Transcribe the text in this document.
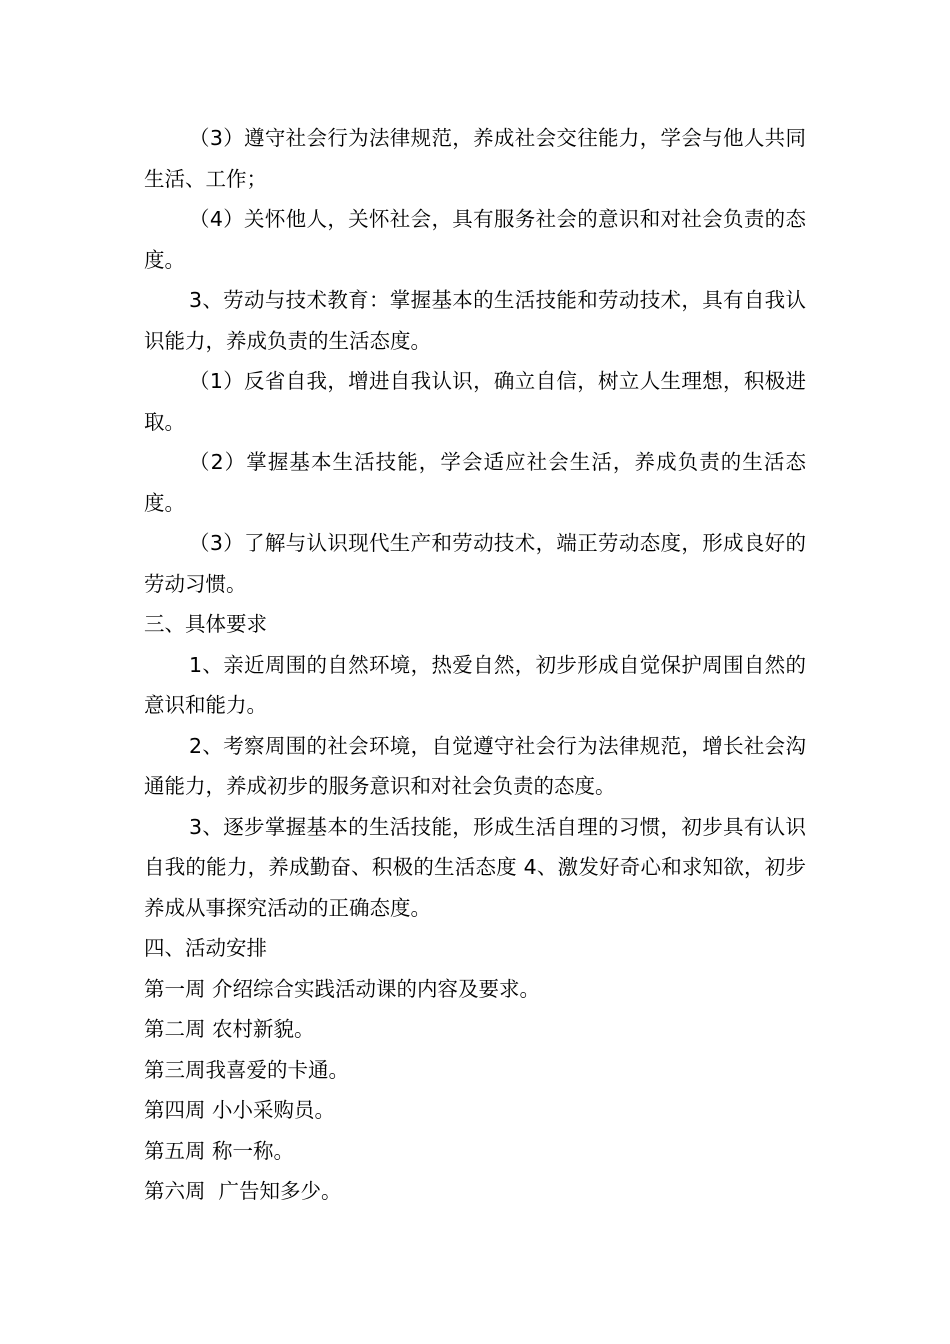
（3）遵守社会行为法律规范，养成社会交往能力，学会与他人共同生活、工作；

（4）关怀他人，关怀社会，具有服务社会的意识和对社会负责的态度。

3、劳动与技术教育：掌握基本的生活技能和劳动技术，具有自我认识能力，养成负责的生活态度。

（1）反省自我，增进自我认识，确立自信，树立人生理想，积极进取。

（2）掌握基本生活技能，学会适应社会生活，养成负责的生活态度。

（3）了解与认识现代生产和劳动技术，端正劳动态度，形成良好的劳动习惯。

三、具体要求

1、亲近周围的自然环境，热爱自然，初步形成自觉保护周围自然的意识和能力。

2、考察周围的社会环境，自觉遵守社会行为法律规范，增长社会沟通能力，养成初步的服务意识和对社会负责的态度。

3、逐步掌握基本的生活技能，形成生活自理的习惯，初步具有认识自我的能力，养成勤奋、积极的生活态度 4、激发好奇心和求知欲，初步养成从事探究活动的正确态度。

四、活动安排

第一周 介绍综合实践活动课的内容及要求。

第二周 农村新貌。

第三周我喜爱的卡通。

第四周 小小采购员。

第五周 称一称。

第六周  广告知多少。
